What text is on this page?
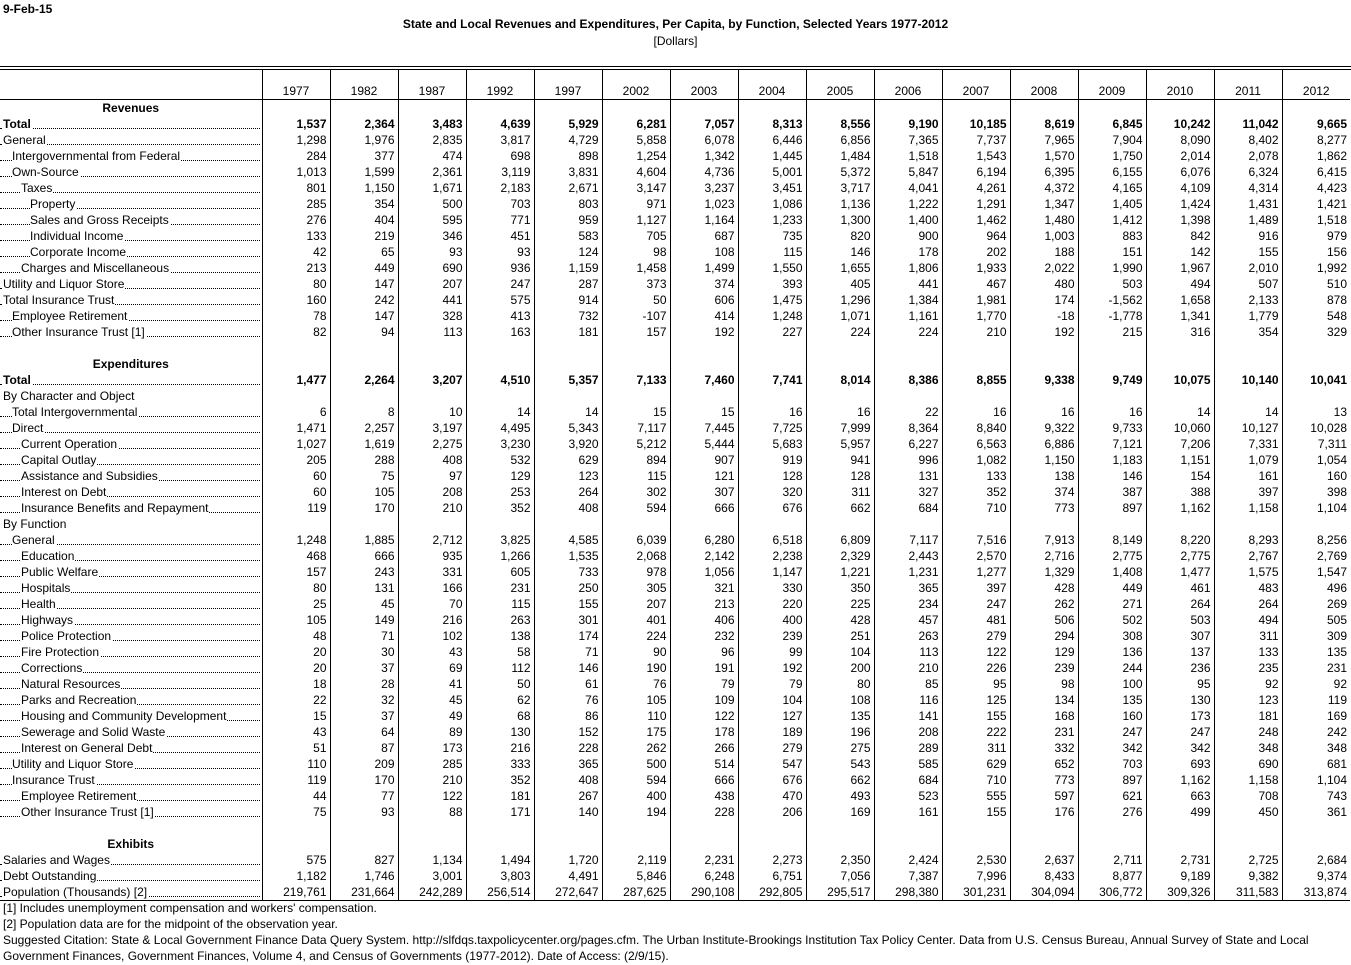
9-Feb-15
State and Local Revenues and Expenditures, Per Capita, by Function, Selected Years 1977-2012
[Dollars]
	1977	1982	1987	1992	1997	2002	2003	2004	2005	2006	2007	2008	2009	2010	2011	2012
Revenues																

Total	1,537	2,364	3,483	4,639	5,929	6,281	7,057	8,313	8,556	9,190	10,185	8,619	6,845	10,242	11,042	9,665

General	1,298	1,976	2,835	3,817	4,729	5,858	6,078	6,446	6,856	7,365	7,737	7,965	7,904	8,090	8,402	8,277

Intergovernmental from Federal	284	377	474	698	898	1,254	1,342	1,445	1,484	1,518	1,543	1,570	1,750	2,014	2,078	1,862

Own-Source	1,013	1,599	2,361	3,119	3,831	4,604	4,736	5,001	5,372	5,847	6,194	6,395	6,155	6,076	6,324	6,415

Taxes	801	1,150	1,671	2,183	2,671	3,147	3,237	3,451	3,717	4,041	4,261	4,372	4,165	4,109	4,314	4,423

Property	285	354	500	703	803	971	1,023	1,086	1,136	1,222	1,291	1,347	1,405	1,424	1,431	1,421

Sales and Gross Receipts	276	404	595	771	959	1,127	1,164	1,233	1,300	1,400	1,462	1,480	1,412	1,398	1,489	1,518

Individual Income	133	219	346	451	583	705	687	735	820	900	964	1,003	883	842	916	979

Corporate Income	42	65	93	93	124	98	108	115	146	178	202	188	151	142	155	156

Charges and Miscellaneous	213	449	690	936	1,159	1,458	1,499	1,550	1,655	1,806	1,933	2,022	1,990	1,967	2,010	1,992

Utility and Liquor Store	80	147	207	247	287	373	374	393	405	441	467	480	503	494	507	510

Total Insurance Trust	160	242	441	575	914	50	606	1,475	1,296	1,384	1,981	174	-1,562	1,658	2,133	878

Employee Retirement	78	147	328	413	732	-107	414	1,248	1,071	1,161	1,770	-18	-1,778	1,341	1,779	548

Other Insurance Trust [1]	82	94	113	163	181	157	192	227	224	224	210	192	215	316	354	329

Expenditures																

Total	1,477	2,264	3,207	4,510	5,357	7,133	7,460	7,741	8,014	8,386	8,855	9,338	9,749	10,075	10,140	10,041
By Character and Object																

Total Intergovernmental	6	8	10	14	14	15	15	16	16	22	16	16	16	14	14	13

Direct	1,471	2,257	3,197	4,495	5,343	7,117	7,445	7,725	7,999	8,364	8,840	9,322	9,733	10,060	10,127	10,028

Current Operation	1,027	1,619	2,275	3,230	3,920	5,212	5,444	5,683	5,957	6,227	6,563	6,886	7,121	7,206	7,331	7,311

Capital Outlay	205	288	408	532	629	894	907	919	941	996	1,082	1,150	1,183	1,151	1,079	1,054

Assistance and Subsidies	60	75	97	129	123	115	121	128	128	131	133	138	146	154	161	160

Interest on Debt	60	105	208	253	264	302	307	320	311	327	352	374	387	388	397	398

Insurance Benefits and Repayment	119	170	210	352	408	594	666	676	662	684	710	773	897	1,162	1,158	1,104
By Function																

General	1,248	1,885	2,712	3,825	4,585	6,039	6,280	6,518	6,809	7,117	7,516	7,913	8,149	8,220	8,293	8,256

Education	468	666	935	1,266	1,535	2,068	2,142	2,238	2,329	2,443	2,570	2,716	2,775	2,775	2,767	2,769

Public Welfare	157	243	331	605	733	978	1,056	1,147	1,221	1,231	1,277	1,329	1,408	1,477	1,575	1,547

Hospitals	80	131	166	231	250	305	321	330	350	365	397	428	449	461	483	496

Health	25	45	70	115	155	207	213	220	225	234	247	262	271	264	264	269

Highways	105	149	216	263	301	401	406	400	428	457	481	506	502	503	494	505

Police Protection	48	71	102	138	174	224	232	239	251	263	279	294	308	307	311	309

Fire Protection	20	30	43	58	71	90	96	99	104	113	122	129	136	137	133	135

Corrections	20	37	69	112	146	190	191	192	200	210	226	239	244	236	235	231

Natural Resources	18	28	41	50	61	76	79	79	80	85	95	98	100	95	92	92

Parks and Recreation	22	32	45	62	76	105	109	104	108	116	125	134	135	130	123	119

Housing and Community Development	15	37	49	68	86	110	122	127	135	141	155	168	160	173	181	169

Sewerage and Solid Waste	43	64	89	130	152	175	178	189	196	208	222	231	247	247	248	242

Interest on General Debt	51	87	173	216	228	262	266	279	275	289	311	332	342	342	348	348

Utility and Liquor Store	110	209	285	333	365	500	514	547	543	585	629	652	703	693	690	681

Insurance Trust	119	170	210	352	408	594	666	676	662	684	710	773	897	1,162	1,158	1,104

Employee Retirement	44	77	122	181	267	400	438	470	493	523	555	597	621	663	708	743

Other Insurance Trust [1]	75	93	88	171	140	194	228	206	169	161	155	176	276	499	450	361

Exhibits																

Salaries and Wages	575	827	1,134	1,494	1,720	2,119	2,231	2,273	2,350	2,424	2,530	2,637	2,711	2,731	2,725	2,684

Debt Outstanding	1,182	1,746	3,001	3,803	4,491	5,846	6,248	6,751	7,056	7,387	7,996	8,433	8,877	9,189	9,382	9,374

Population (Thousands) [2]	219,761	231,664	242,289	256,514	272,647	287,625	290,108	292,805	295,517	298,380	301,231	304,094	306,772	309,326	311,583	313,874
[1] Includes unemployment compensation and workers' compensation.
[2] Population data are for the midpoint of the observation year.
Suggested Citation: State & Local Government Finance Data Query System. http://slfdqs.taxpolicycenter.org/pages.cfm. The Urban Institute-Brookings Institution Tax Policy Center. Data from U.S. Census Bureau, Annual Survey of State and Local
Government Finances, Government Finances, Volume 4, and Census of Governments (1977-2012). Date of Access: (2/9/15).
